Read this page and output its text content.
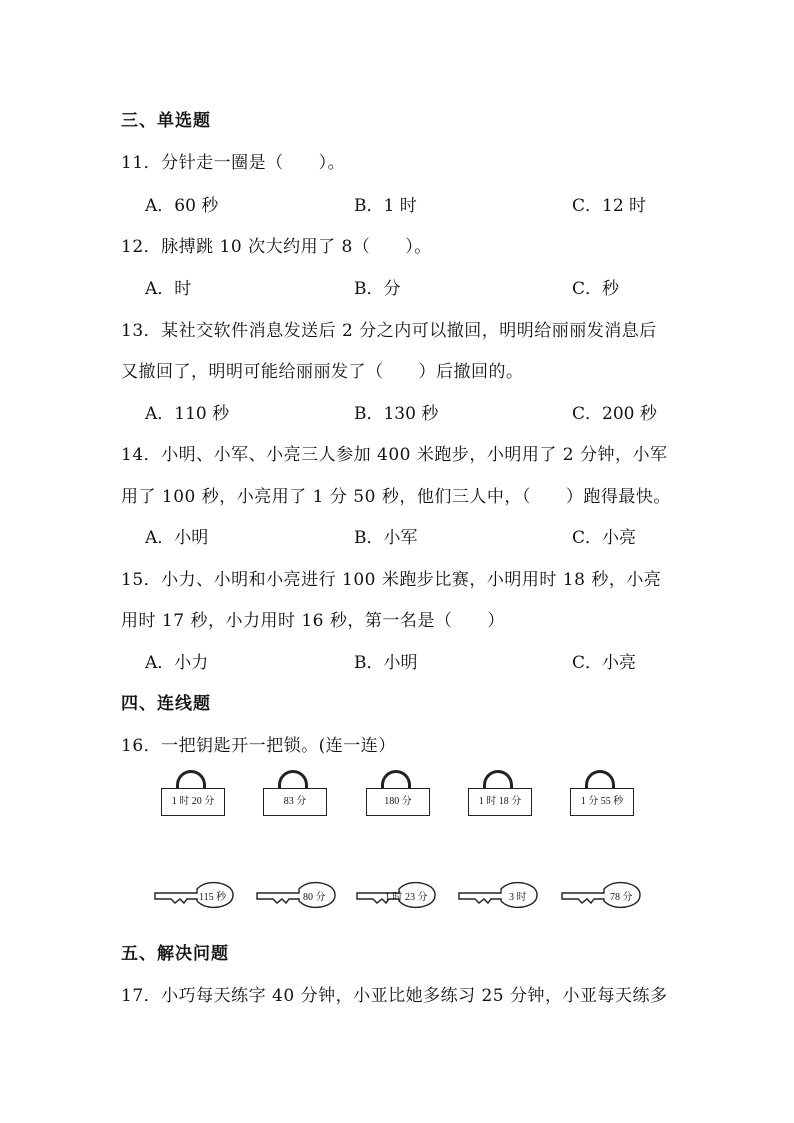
三、单选题
11．分针走一圈是（　　）。
A．60 秒	B．1 时	C．12 时
12．脉搏跳 10 次大约用了 8（　　）。
A．时	B．分	C．秒
13．某社交软件消息发送后 2 分之内可以撤回，明明给丽丽发消息后
又撤回了，明明可能给丽丽发了（　　）后撤回的。
A．110 秒	B．130 秒	C．200 秒
14．小明、小军、小亮三人参加 400 米跑步，小明用了 2 分钟，小军
用了 100 秒，小亮用了 1 分 50 秒，他们三人中，（　　）跑得最快。
A．小明	B．小军	C．小亮
15．小力、小明和小亮进行 100 米跑步比赛，小明用时 18 秒，小亮
用时 17 秒，小力用时 16 秒，第一名是（　　）
A．小力	B．小明	C．小亮
四、连线题
16．一把钥匙开一把锁。(连一连）
1 时 20 分	83 分	180 分	1 时 18 分	1 分 55 秒
115 秒	80 分	1 时 23 分	3 时	78 分
五、解决问题
17．小巧每天练字 40 分钟，小亚比她多练习 25 分钟，小亚每天练多
